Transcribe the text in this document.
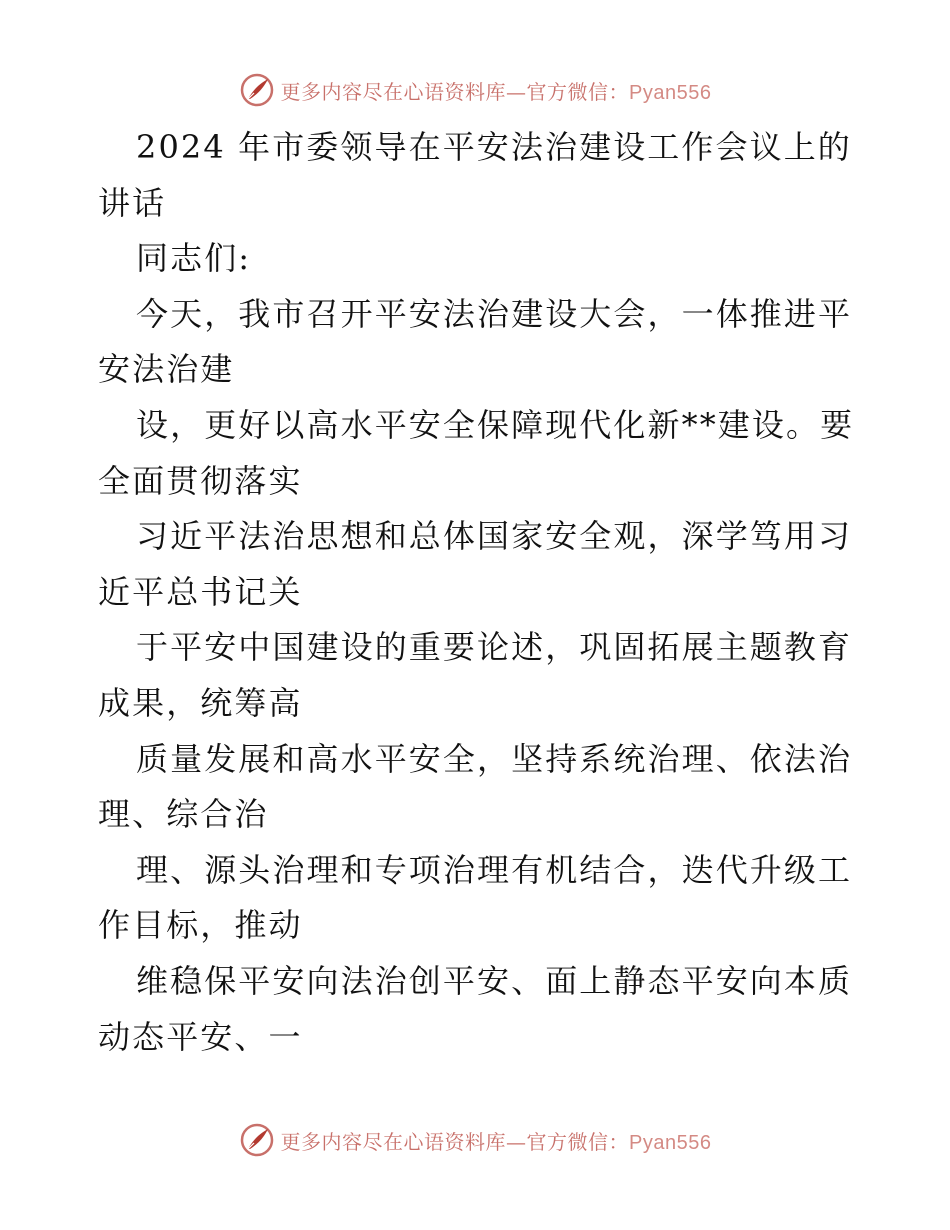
更多内容尽在心语资料库—官方微信：Pyan556
2024 年市委领导在平安法治建设工作会议上的
讲话
同志们:
今天，我市召开平安法治建设大会，一体推进平
安法治建
设，更好以高水平安全保障现代化新**建设。要
全面贯彻落实
习近平法治思想和总体国家安全观，深学笃用习
近平总书记关
于平安中国建设的重要论述，巩固拓展主题教育
成果，统筹高
质量发展和高水平安全，坚持系统治理、依法治
理、综合治
理、源头治理和专项治理有机结合，迭代升级工
作目标，推动
维稳保平安向法治创平安、面上静态平安向本质
动态平安、一
更多内容尽在心语资料库—官方微信：Pyan556
